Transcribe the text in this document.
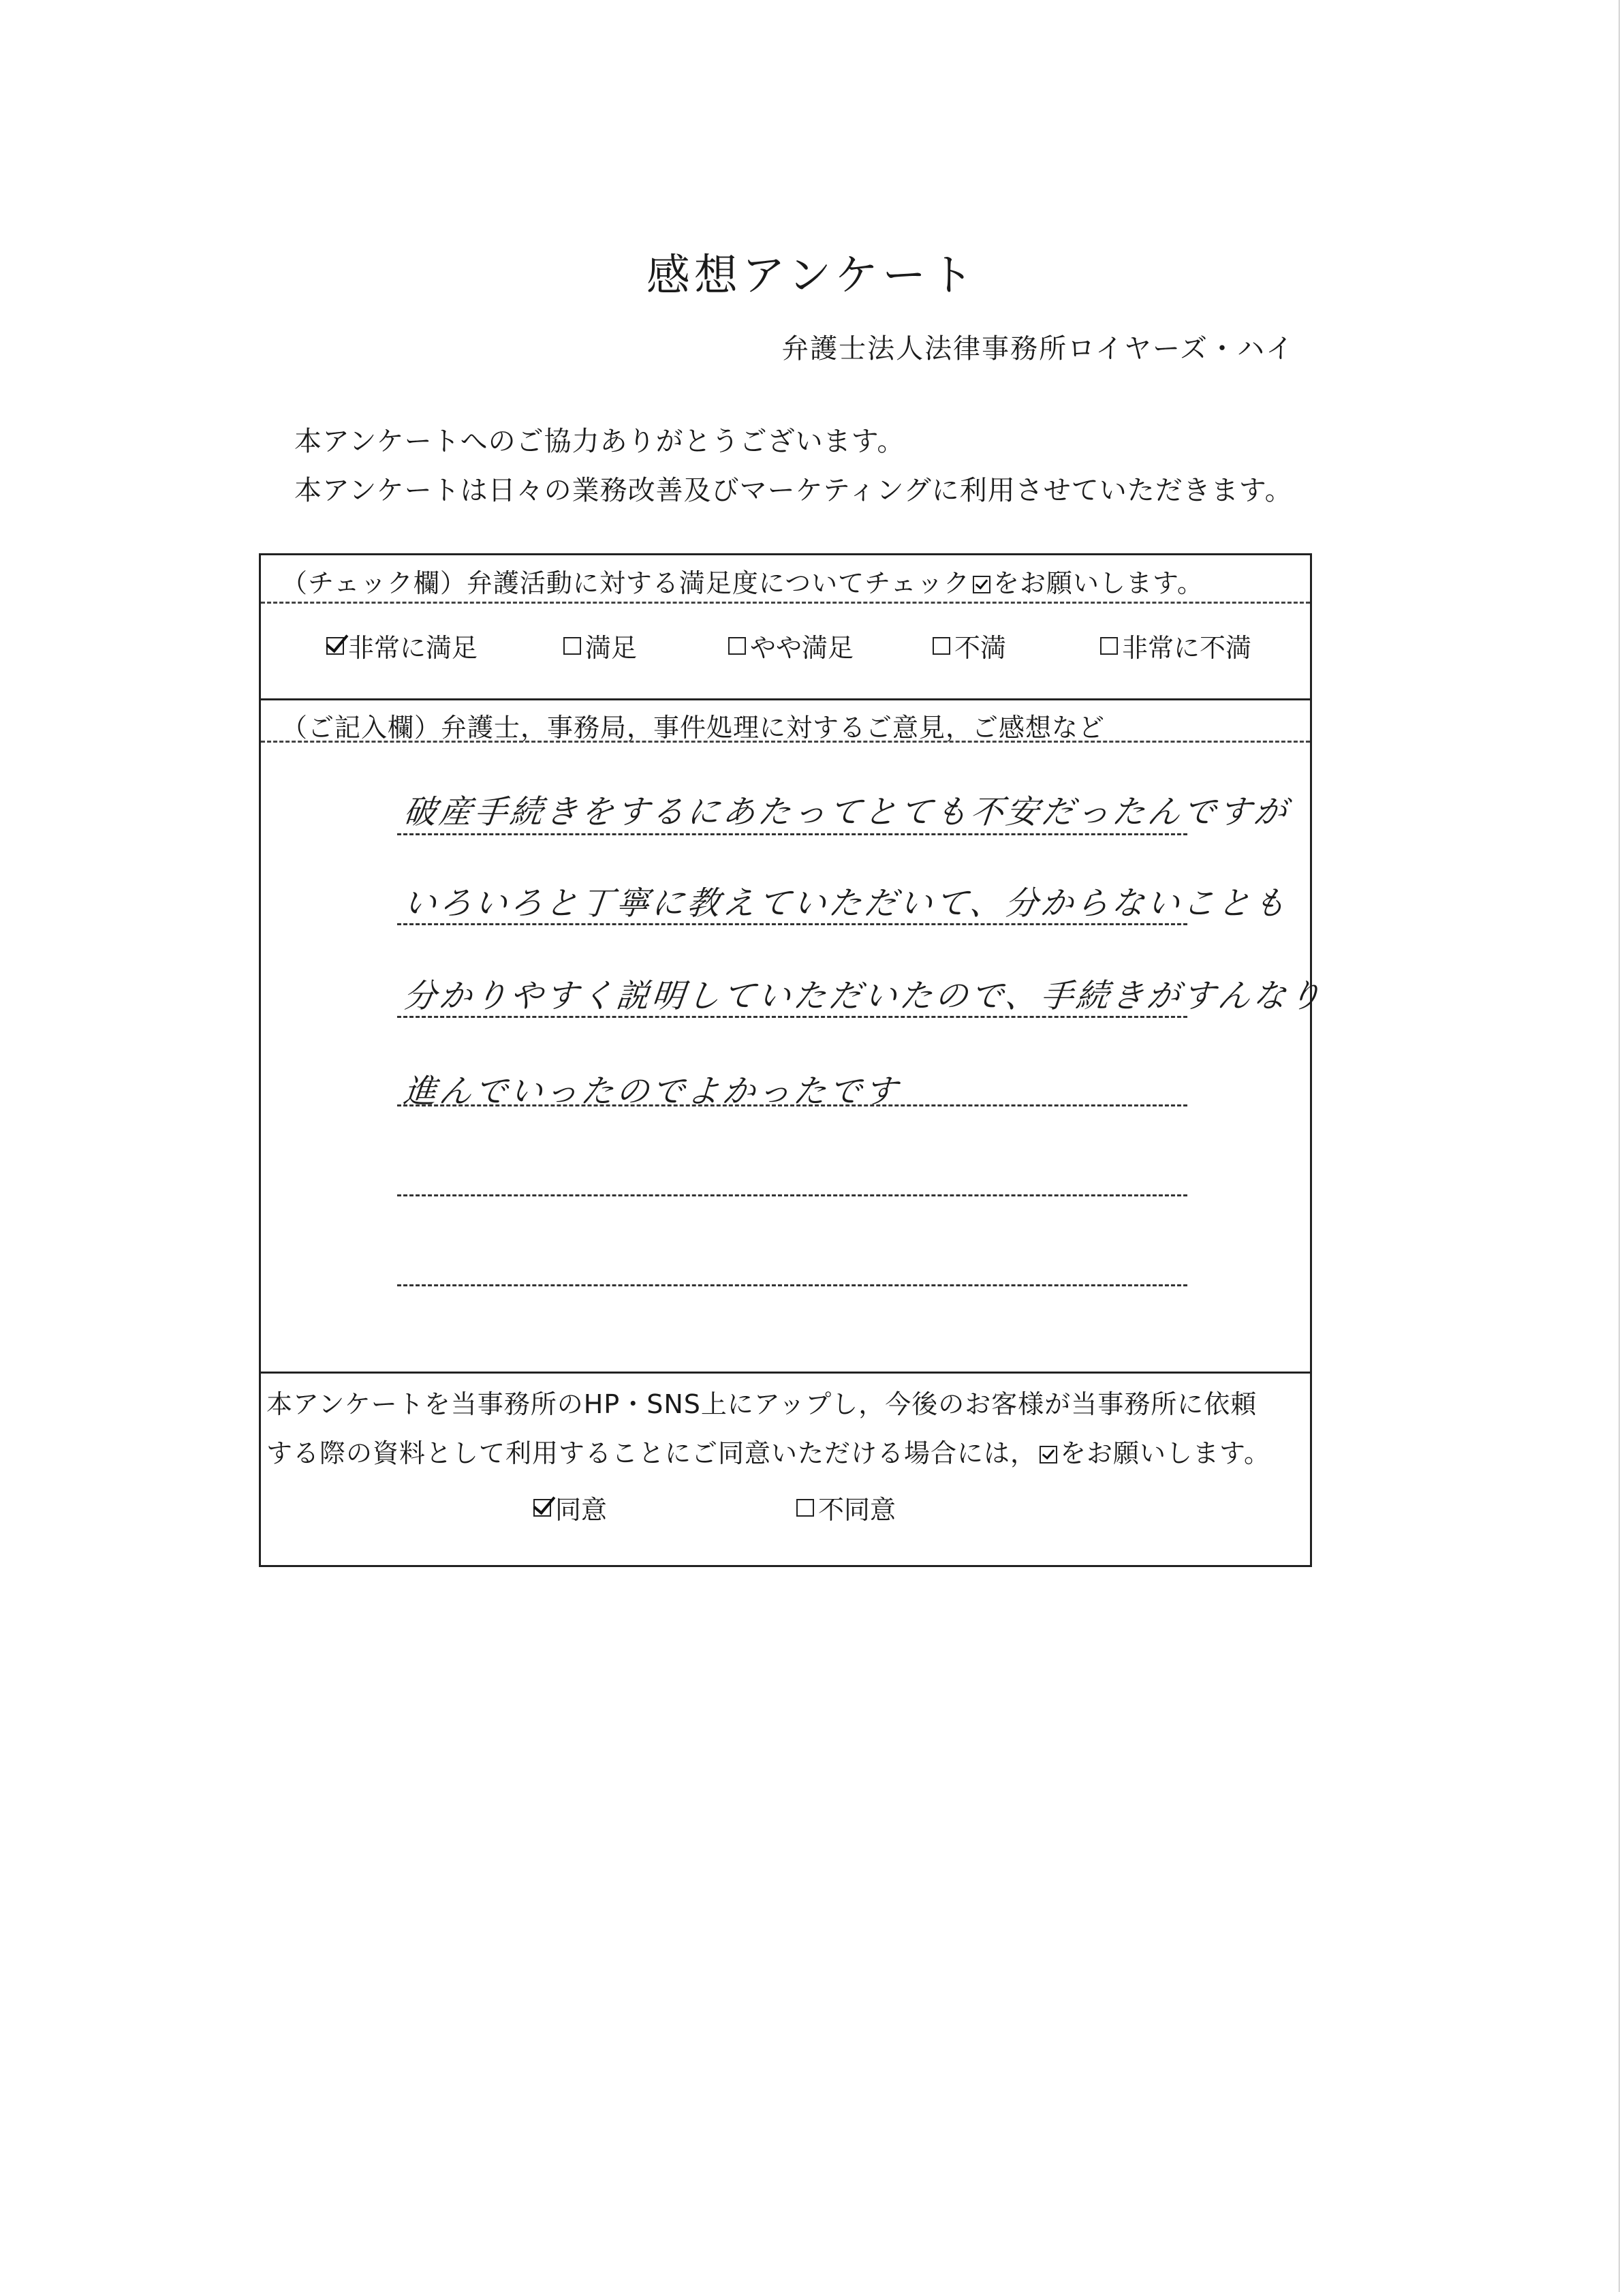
感想アンケート
弁護士法人法律事務所ロイヤーズ・ハイ
本アンケートへのご協力ありがとうございます。
本アンケートは日々の業務改善及びマーケティングに利用させていただきます。
（チェック欄）弁護活動に対する満足度についてチェック をお願いします。
非常に満足	満足	やや満足	不満	非常に不満
（ご記入欄）弁護士，事務局，事件処理に対するご意見，ご感想など
破産手続きをするにあたってとても不安だったんですが
いろいろと丁寧に教えていただいて、分からないことも
分かりやすく説明していただいたので、手続きがすんなり
進んでいったのでよかったです
本アンケートを当事務所のHP・SNS上にアップし，今後のお客様が当事務所に依頼
する際の資料として利用することにご同意いただける場合には， をお願いします。
同意	不同意
